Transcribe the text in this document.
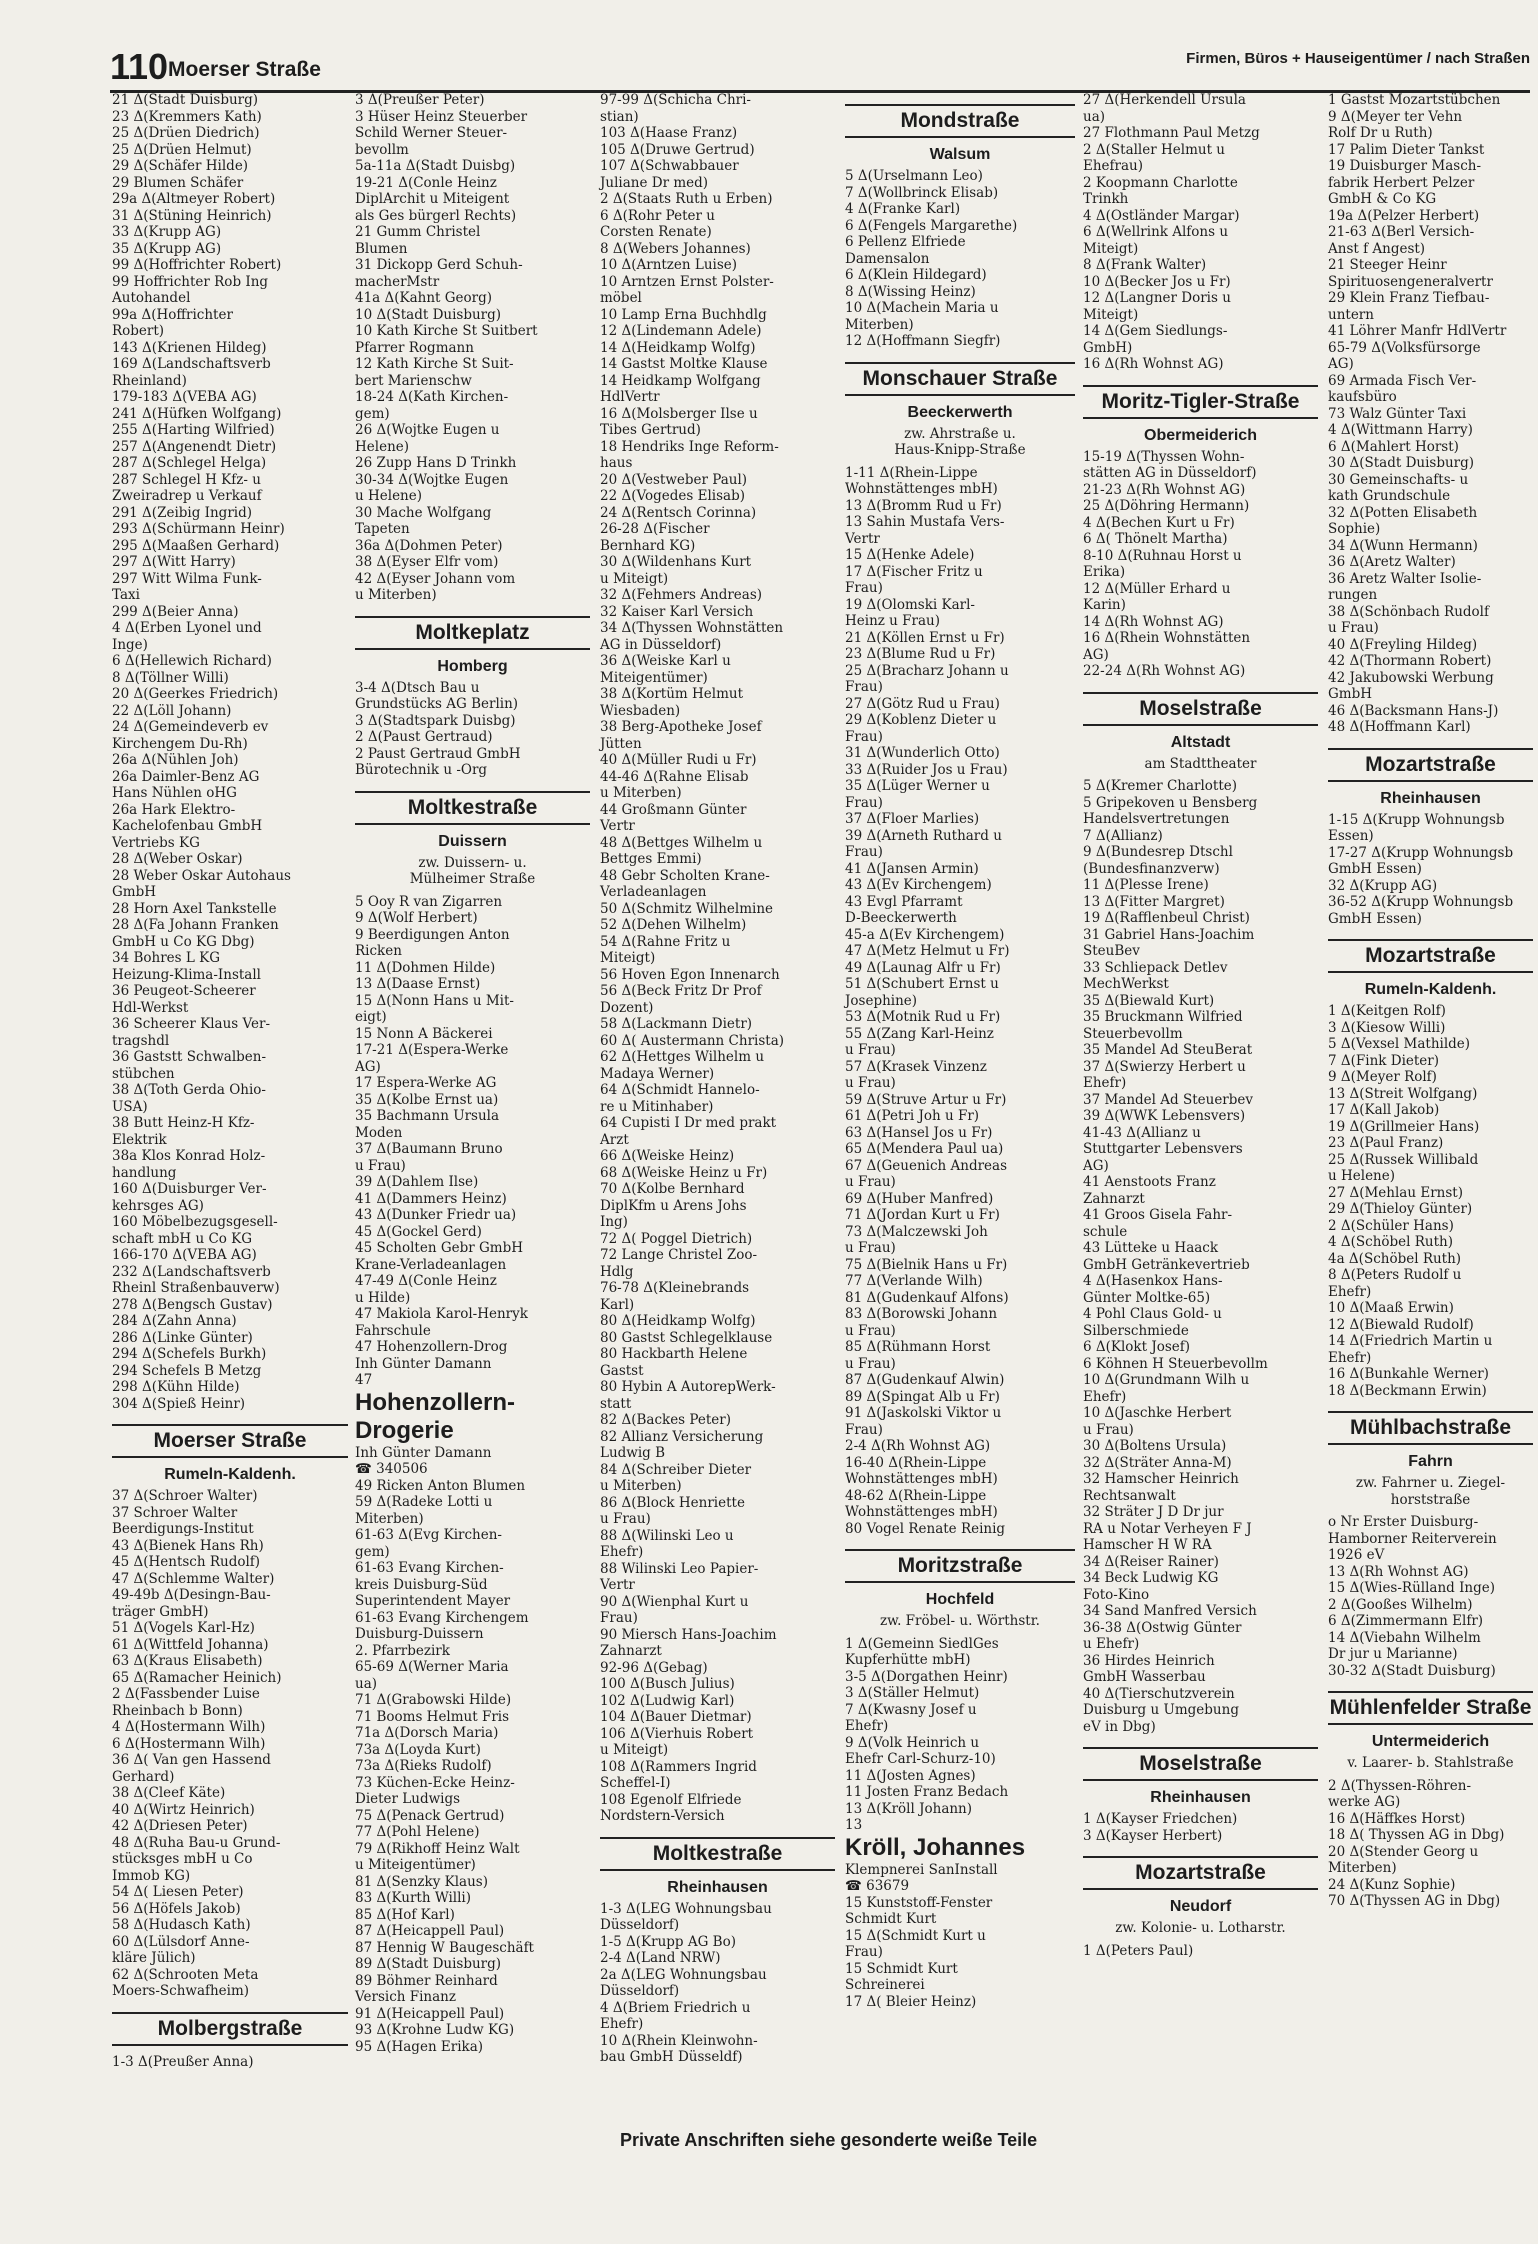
110 Moerser Straße	Firmen, Büros + Hauseigentümer / nach Straßen
21 Δ(Stadt Duisburg)
23 Δ(Kremmers Kath)
25 Δ(Drüen Diedrich)
25 Δ(Drüen Helmut)
29 Δ(Schäfer Hilde)
29 Blumen Schäfer
29a Δ(Altmeyer Robert)
31 Δ(Stüning Heinrich)
33 Δ(Krupp AG)
35 Δ(Krupp AG)
99 Δ(Hoffrichter Robert)
99 Hoffrichter Rob Ing
Autohandel
99a Δ(Hoffrichter
Robert)
143 Δ(Krienen Hildeg)
169 Δ(Landschaftsverb
Rheinland)
179-183 Δ(VEBA AG)
241 Δ(Hüfken Wolfgang)
255 Δ(Harting Wilfried)
257 Δ(Angenendt Dietr)
287 Δ(Schlegel Helga)
287 Schlegel H Kfz- u
Zweiradrep u Verkauf
291 Δ(Zeibig Ingrid)
293 Δ(Schürmann Heinr)
295 Δ(Maaßen Gerhard)
297 Δ(Witt Harry)
297 Witt Wilma Funk-
Taxi
299 Δ(Beier Anna)
4 Δ(Erben Lyonel und
Inge)
6 Δ(Hellewich Richard)
8 Δ(Töllner Willi)
20 Δ(Geerkes Friedrich)
22 Δ(Löll Johann)
24 Δ(Gemeindeverb ev
Kirchengem Du-Rh)
26a Δ(Nühlen Joh)
26a Daimler-Benz AG
Hans Nühlen oHG
26a Hark Elektro-
Kachelofenbau GmbH
Vertriebs KG
28 Δ(Weber Oskar)
28 Weber Oskar Autohaus
GmbH
28 Horn Axel Tankstelle
28 Δ(Fa Johann Franken
GmbH u Co KG Dbg)
34 Bohres L KG
Heizung-Klima-Install
36 Peugeot-Scheerer
Hdl-Werkst
36 Scheerer Klaus Ver-
tragshdl
36 Gaststt Schwalben-
stübchen
38 Δ(Toth Gerda Ohio-
USA)
38 Butt Heinz-H Kfz-
Elektrik
38a Klos Konrad Holz-
handlung
160 Δ(Duisburger Ver-
kehrsges AG)
160 Möbelbezugsgesell-
schaft mbH u Co KG
166-170 Δ(VEBA AG)
232 Δ(Landschaftsverb
Rheinl Straßenbauverw)
278 Δ(Bengsch Gustav)
284 Δ(Zahn Anna)
286 Δ(Linke Günter)
294 Δ(Schefels Burkh)
294 Schefels B Metzg
298 Δ(Kühn Hilde)
304 Δ(Spieß Heinr)
Moerser Straße
Rumeln-Kaldenh.
37 Δ(Schroer Walter)
37 Schroer Walter
Beerdigungs-Institut
43 Δ(Bienek Hans Rh)
45 Δ(Hentsch Rudolf)
47 Δ(Schlemme Walter)
49-49b Δ(Desingn-Bau-
träger GmbH)
51 Δ(Vogels Karl-Hz)
61 Δ(Wittfeld Johanna)
63 Δ(Kraus Elisabeth)
65 Δ(Ramacher Heinich)
2 Δ(Fassbender Luise
Rheinbach b Bonn)
4 Δ(Hostermann Wilh)
6 Δ(Hostermann Wilh)
36 Δ( Van gen Hassend
Gerhard)
38 Δ(Cleef Käte)
40 Δ(Wirtz Heinrich)
42 Δ(Driesen Peter)
48 Δ(Ruha Bau-u Grund-
stücksges mbH u Co
Immob KG)
54 Δ( Liesen Peter)
56 Δ(Höfels Jakob)
58 Δ(Hudasch Kath)
60 Δ(Lülsdorf Anne-
kläre Jülich)
62 Δ(Schrooten Meta
Moers-Schwafheim)
Molbergstraße
1-3 Δ(Preußer Anna)
3 Δ(Preußer Peter)
3 Hüser Heinz Steuerber
Schild Werner Steuer-
bevollm
5a-11a Δ(Stadt Duisbg)
19-21 Δ(Conle Heinz
DiplArchit u Miteigent
als Ges bürgerl Rechts)
21 Gumm Christel
Blumen
31 Dickopp Gerd Schuh-
macherMstr
41a Δ(Kahnt Georg)
10 Δ(Stadt Duisburg)
10 Kath Kirche St Suitbert
Pfarrer Rogmann
12 Kath Kirche St Suit-
bert Marienschw
18-24 Δ(Kath Kirchen-
gem)
26 Δ(Wojtke Eugen u
Helene)
26 Zupp Hans D Trinkh
30-34 Δ(Wojtke Eugen
u Helene)
30 Mache Wolfgang
Tapeten
36a Δ(Dohmen Peter)
38 Δ(Eyser Elfr vom)
42 Δ(Eyser Johann vom
u Miterben)
Moltkeplatz
Homberg
3-4 Δ(Dtsch Bau u
Grundstücks AG Berlin)
3 Δ(Stadtspark Duisbg)
2 Δ(Paust Gertraud)
2 Paust Gertraud GmbH
Bürotechnik u -Org
Moltkestraße
Duissern
zw. Duissern- u.
Mülheimer Straße
5 Ooy R van Zigarren
9 Δ(Wolf Herbert)
9 Beerdigungen Anton
Ricken
11 Δ(Dohmen Hilde)
13 Δ(Daase Ernst)
15 Δ(Nonn Hans u Mit-
eigt)
15 Nonn A Bäckerei
17-21 Δ(Espera-Werke
AG)
17 Espera-Werke AG
35 Δ(Kolbe Ernst ua)
35 Bachmann Ursula
Moden
37 Δ(Baumann Bruno
u Frau)
39 Δ(Dahlem Ilse)
41 Δ(Dammers Heinz)
43 Δ(Dunker Friedr ua)
45 Δ(Gockel Gerd)
45 Scholten Gebr GmbH
Krane-Verladeanlagen
47-49 Δ(Conle Heinz
u Hilde)
47 Makiola Karol-Henryk
Fahrschule
47 Hohenzollern-Drog
Inh Günter Damann
47
Hohenzollern-Drogerie
Inh Günter Damann
☎ 340506
49 Ricken Anton Blumen
59 Δ(Radeke Lotti u
Miterben)
61-63 Δ(Evg Kirchen-
gem)
61-63 Evang Kirchen-
kreis Duisburg-Süd
Superintendent Mayer
61-63 Evang Kirchengem
Duisburg-Duissern
2. Pfarrbezirk
65-69 Δ(Werner Maria
ua)
71 Δ(Grabowski Hilde)
71 Booms Helmut Fris
71a Δ(Dorsch Maria)
73a Δ(Loyda Kurt)
73a Δ(Rieks Rudolf)
73 Küchen-Ecke Heinz-
Dieter Ludwigs
75 Δ(Penack Gertrud)
77 Δ(Pohl Helene)
79 Δ(Rikhoff Heinz Walt
u Miteigentümer)
81 Δ(Senzky Klaus)
83 Δ(Kurth Willi)
85 Δ(Hof Karl)
87 Δ(Heicappell Paul)
87 Hennig W Baugeschäft
89 Δ(Stadt Duisburg)
89 Böhmer Reinhard
Versich Finanz
91 Δ(Heicappell Paul)
93 Δ(Krohne Ludw KG)
95 Δ(Hagen Erika)
97-99 Δ(Schicha Chri-
stian)
103 Δ(Haase Franz)
105 Δ(Druwe Gertrud)
107 Δ(Schwabbauer
Juliane Dr med)
2 Δ(Staats Ruth u Erben)
6 Δ(Rohr Peter u
Corsten Renate)
8 Δ(Webers Johannes)
10 Δ(Arntzen Luise)
10 Arntzen Ernst Polster-
möbel
10 Lamp Erna Buchhdlg
12 Δ(Lindemann Adele)
14 Δ(Heidkamp Wolfg)
14 Gastst Moltke Klause
14 Heidkamp Wolfgang
HdlVertr
16 Δ(Molsberger Ilse u
Tibes Gertrud)
18 Hendriks Inge Reform-
haus
20 Δ(Vestweber Paul)
22 Δ(Vogedes Elisab)
24 Δ(Rentsch Corinna)
26-28 Δ(Fischer
Bernhard KG)
30 Δ(Wildenhans Kurt
u Miteigt)
32 Δ(Fehmers Andreas)
32 Kaiser Karl Versich
34 Δ(Thyssen Wohnstätten
AG in Düsseldorf)
36 Δ(Weiske Karl u
Miteigentümer)
38 Δ(Kortüm Helmut
Wiesbaden)
38 Berg-Apotheke Josef
Jütten
40 Δ(Müller Rudi u Fr)
44-46 Δ(Rahne Elisab
u Miterben)
44 Großmann Günter
Vertr
48 Δ(Bettges Wilhelm u
Bettges Emmi)
48 Gebr Scholten Krane-
Verladeanlagen
50 Δ(Schmitz Wilhelmine
52 Δ(Dehen Wilhelm)
54 Δ(Rahne Fritz u
Miteigt)
56 Hoven Egon Innenarch
56 Δ(Beck Fritz Dr Prof
Dozent)
58 Δ(Lackmann Dietr)
60 Δ( Austermann Christa)
62 Δ(Hettges Wilhelm u
Madaya Werner)
64 Δ(Schmidt Hannelo-
re u Mitinhaber)
64 Cupisti I Dr med prakt
Arzt
66 Δ(Weiske Heinz)
68 Δ(Weiske Heinz u Fr)
70 Δ(Kolbe Bernhard
DiplKfm u Arens Johs
Ing)
72 Δ( Poggel Dietrich)
72 Lange Christel Zoo-
Hdlg
76-78 Δ(Kleinebrands
Karl)
80 Δ(Heidkamp Wolfg)
80 Gastst Schlegelklause
80 Hackbarth Helene
Gastst
80 Hybin A AutorepWerk-
statt
82 Δ(Backes Peter)
82 Allianz Versicherung
Ludwig B
84 Δ(Schreiber Dieter
u Miterben)
86 Δ(Block Henriette
u Frau)
88 Δ(Wilinski Leo u
Ehefr)
88 Wilinski Leo Papier-
Vertr
90 Δ(Wienphal Kurt u
Frau)
90 Miersch Hans-Joachim
Zahnarzt
92-96 Δ(Gebag)
100 Δ(Busch Julius)
102 Δ(Ludwig Karl)
104 Δ(Bauer Dietmar)
106 Δ(Vierhuis Robert
u Miteigt)
108 Δ(Rammers Ingrid
Scheffel-I)
108 Egenolf Elfriede
Nordstern-Versich
Moltkestraße
Rheinhausen
1-3 Δ(LEG Wohnungsbau
Düsseldorf)
1-5 Δ(Krupp AG Bo)
2-4 Δ(Land NRW)
2a Δ(LEG Wohnungsbau
Düsseldorf)
4 Δ(Briem Friedrich u
Ehefr)
10 Δ(Rhein Kleinwohn-
bau GmbH Düsseldf)
Mondstraße
Walsum
5 Δ(Urselmann Leo)
7 Δ(Wollbrinck Elisab)
4 Δ(Franke Karl)
6 Δ(Fengels Margarethe)
6 Pellenz Elfriede
Damensalon
6 Δ(Klein Hildegard)
8 Δ(Wissing Heinz)
10 Δ(Machein Maria u
Miterben)
12 Δ(Hoffmann Siegfr)
Monschauer Straße
Beeckerwerth
zw. Ahrstraße u.
Haus-Knipp-Straße
1-11 Δ(Rhein-Lippe
Wohnstättenges mbH)
13 Δ(Bromm Rud u Fr)
13 Sahin Mustafa Vers-
Vertr
15 Δ(Henke Adele)
17 Δ(Fischer Fritz u
Frau)
19 Δ(Olomski Karl-
Heinz u Frau)
21 Δ(Köllen Ernst u Fr)
23 Δ(Blume Rud u Fr)
25 Δ(Bracharz Johann u
Frau)
27 Δ(Götz Rud u Frau)
29 Δ(Koblenz Dieter u
Frau)
31 Δ(Wunderlich Otto)
33 Δ(Ruider Jos u Frau)
35 Δ(Lüger Werner u
Frau)
37 Δ(Floer Marlies)
39 Δ(Arneth Ruthard u
Frau)
41 Δ(Jansen Armin)
43 Δ(Ev Kirchengem)
43 Evgl Pfarramt
D-Beeckerwerth
45-a Δ(Ev Kirchengem)
47 Δ(Metz Helmut u Fr)
49 Δ(Launag Alfr u Fr)
51 Δ(Schubert Ernst u
Josephine)
53 Δ(Motnik Rud u Fr)
55 Δ(Zang Karl-Heinz
u Frau)
57 Δ(Krasek Vinzenz
u Frau)
59 Δ(Struve Artur u Fr)
61 Δ(Petri Joh u Fr)
63 Δ(Hansel Jos u Fr)
65 Δ(Mendera Paul ua)
67 Δ(Geuenich Andreas
u Frau)
69 Δ(Huber Manfred)
71 Δ(Jordan Kurt u Fr)
73 Δ(Malczewski Joh
u Frau)
75 Δ(Bielnik Hans u Fr)
77 Δ(Verlande Wilh)
81 Δ(Gudenkauf Alfons)
83 Δ(Borowski Johann
u Frau)
85 Δ(Rühmann Horst
u Frau)
87 Δ(Gudenkauf Alwin)
89 Δ(Spingat Alb u Fr)
91 Δ(Jaskolski Viktor u
Frau)
2-4 Δ(Rh Wohnst AG)
16-40 Δ(Rhein-Lippe
Wohnstättenges mbH)
48-62 Δ(Rhein-Lippe
Wohnstättenges mbH)
80 Vogel Renate Reinig
Moritzstraße
Hochfeld
zw. Fröbel- u. Wörthstr.
1 Δ(Gemeinn SiedlGes
Kupferhütte mbH)
3-5 Δ(Dorgathen Heinr)
3 Δ(Ställer Helmut)
7 Δ(Kwasny Josef u
Ehefr)
9 Δ(Volk Heinrich u
Ehefr Carl-Schurz-10)
11 Δ(Josten Agnes)
11 Josten Franz Bedach
13 Δ(Kröll Johann)
13
Kröll, Johannes
Klempnerei SanInstall
☎ 63679
15 Kunststoff-Fenster
Schmidt Kurt
15 Δ(Schmidt Kurt u
Frau)
15 Schmidt Kurt
Schreinerei
17 Δ( Bleier Heinz)
27 Δ(Herkendell Ursula
ua)
27 Flothmann Paul Metzg
2 Δ(Staller Helmut u
Ehefrau)
2 Koopmann Charlotte
Trinkh
4 Δ(Ostländer Margar)
6 Δ(Wellrink Alfons u
Miteigt)
8 Δ(Frank Walter)
10 Δ(Becker Jos u Fr)
12 Δ(Langner Doris u
Miteigt)
14 Δ(Gem Siedlungs-
GmbH)
16 Δ(Rh Wohnst AG)
Moritz-Tigler-Straße
Obermeiderich
15-19 Δ(Thyssen Wohn-
stätten AG in Düsseldorf)
21-23 Δ(Rh Wohnst AG)
25 Δ(Döhring Hermann)
4 Δ(Bechen Kurt u Fr)
6 Δ( Thönelt Martha)
8-10 Δ(Ruhnau Horst u
Erika)
12 Δ(Müller Erhard u
Karin)
14 Δ(Rh Wohnst AG)
16 Δ(Rhein Wohnstätten
AG)
22-24 Δ(Rh Wohnst AG)
Moselstraße
Altstadt
am Stadttheater
5 Δ(Kremer Charlotte)
5 Gripekoven u Bensberg
Handelsvertretungen
7 Δ(Allianz)
9 Δ(Bundesrep Dtschl
(Bundesfinanzverw)
11 Δ(Plesse Irene)
13 Δ(Fitter Margret)
19 Δ(Rafflenbeul Christ)
31 Gabriel Hans-Joachim
SteuBev
33 Schliepack Detlev
MechWerkst
35 Δ(Biewald Kurt)
35 Bruckmann Wilfried
Steuerbevollm
35 Mandel Ad SteuBerat
37 Δ(Swierzy Herbert u
Ehefr)
37 Mandel Ad Steuerbev
39 Δ(WWK Lebensvers)
41-43 Δ(Allianz u
Stuttgarter Lebensvers
AG)
41 Aenstoots Franz
Zahnarzt
41 Groos Gisela Fahr-
schule
43 Lütteke u Haack
GmbH Getränkevertrieb
4 Δ(Hasenkox Hans-
Günter Moltke-65)
4 Pohl Claus Gold- u
Silberschmiede
6 Δ(Klokt Josef)
6 Köhnen H Steuerbevollm
10 Δ(Grundmann Wilh u
Ehefr)
10 Δ(Jaschke Herbert
u Frau)
30 Δ(Boltens Ursula)
32 Δ(Sträter Anna-M)
32 Hamscher Heinrich
Rechtsanwalt
32 Sträter J D Dr jur
RA u Notar Verheyen F J
Hamscher H W RA
34 Δ(Reiser Rainer)
34 Beck Ludwig KG
Foto-Kino
34 Sand Manfred Versich
36-38 Δ(Ostwig Günter
u Ehefr)
36 Hirdes Heinrich
GmbH Wasserbau
40 Δ(Tierschutzverein
Duisburg u Umgebung
eV in Dbg)
Moselstraße
Rheinhausen
1 Δ(Kayser Friedchen)
3 Δ(Kayser Herbert)
Mozartstraße
Neudorf
zw. Kolonie- u. Lotharstr.
1 Δ(Peters Paul)
1 Gastst Mozartstübchen
9 Δ(Meyer ter Vehn
Rolf Dr u Ruth)
17 Palim Dieter Tankst
19 Duisburger Masch-
fabrik Herbert Pelzer
GmbH & Co KG
19a Δ(Pelzer Herbert)
21-63 Δ(Berl Versich-
Anst f Angest)
21 Steeger Heinr
Spirituosengeneralvertr
29 Klein Franz Tiefbau-
untern
41 Löhrer Manfr HdlVertr
65-79 Δ(Volksfürsorge
AG)
69 Armada Fisch Ver-
kaufsbüro
73 Walz Günter Taxi
4 Δ(Wittmann Harry)
6 Δ(Mahlert Horst)
30 Δ(Stadt Duisburg)
30 Gemeinschafts- u
kath Grundschule
32 Δ(Potten Elisabeth
Sophie)
34 Δ(Wunn Hermann)
36 Δ(Aretz Walter)
36 Aretz Walter Isolie-
rungen
38 Δ(Schönbach Rudolf
u Frau)
40 Δ(Freyling Hildeg)
42 Δ(Thormann Robert)
42 Jakubowski Werbung
GmbH
46 Δ(Backsmann Hans-J)
48 Δ(Hoffmann Karl)
Mozartstraße
Rheinhausen
1-15 Δ(Krupp Wohnungsb
Essen)
17-27 Δ(Krupp Wohnungsb
GmbH Essen)
32 Δ(Krupp AG)
36-52 Δ(Krupp Wohnungsb
GmbH Essen)
Mozartstraße
Rumeln-Kaldenh.
1 Δ(Keitgen Rolf)
3 Δ(Kiesow Willi)
5 Δ(Vexsel Mathilde)
7 Δ(Fink Dieter)
9 Δ(Meyer Rolf)
13 Δ(Streit Wolfgang)
17 Δ(Kall Jakob)
19 Δ(Grillmeier Hans)
23 Δ(Paul Franz)
25 Δ(Russek Willibald
u Helene)
27 Δ(Mehlau Ernst)
29 Δ(Thieloy Günter)
2 Δ(Schüler Hans)
4 Δ(Schöbel Ruth)
4a Δ(Schöbel Ruth)
8 Δ(Peters Rudolf u
Ehefr)
10 Δ(Maaß Erwin)
12 Δ(Biewald Rudolf)
14 Δ(Friedrich Martin u
Ehefr)
16 Δ(Bunkahle Werner)
18 Δ(Beckmann Erwin)
Mühlbachstraße
Fahrn
zw. Fahrner u. Ziegel-
horststraße
o Nr Erster Duisburg-
Hamborner Reiterverein
1926 eV
13 Δ(Rh Wohnst AG)
15 Δ(Wies-Rülland Inge)
2 Δ(Gooßes Wilhelm)
6 Δ(Zimmermann Elfr)
14 Δ(Viebahn Wilhelm
Dr jur u Marianne)
30-32 Δ(Stadt Duisburg)
Mühlenfelder Straße
Untermeiderich
v. Laarer- b. Stahlstraße
2 Δ(Thyssen-Röhren-
werke AG)
16 Δ(Häffkes Horst)
18 Δ( Thyssen AG in Dbg)
20 Δ(Stender Georg u
Miterben)
24 Δ(Kunz Sophie)
70 Δ(Thyssen AG in Dbg)
Private Anschriften siehe gesonderte weiße Teile
